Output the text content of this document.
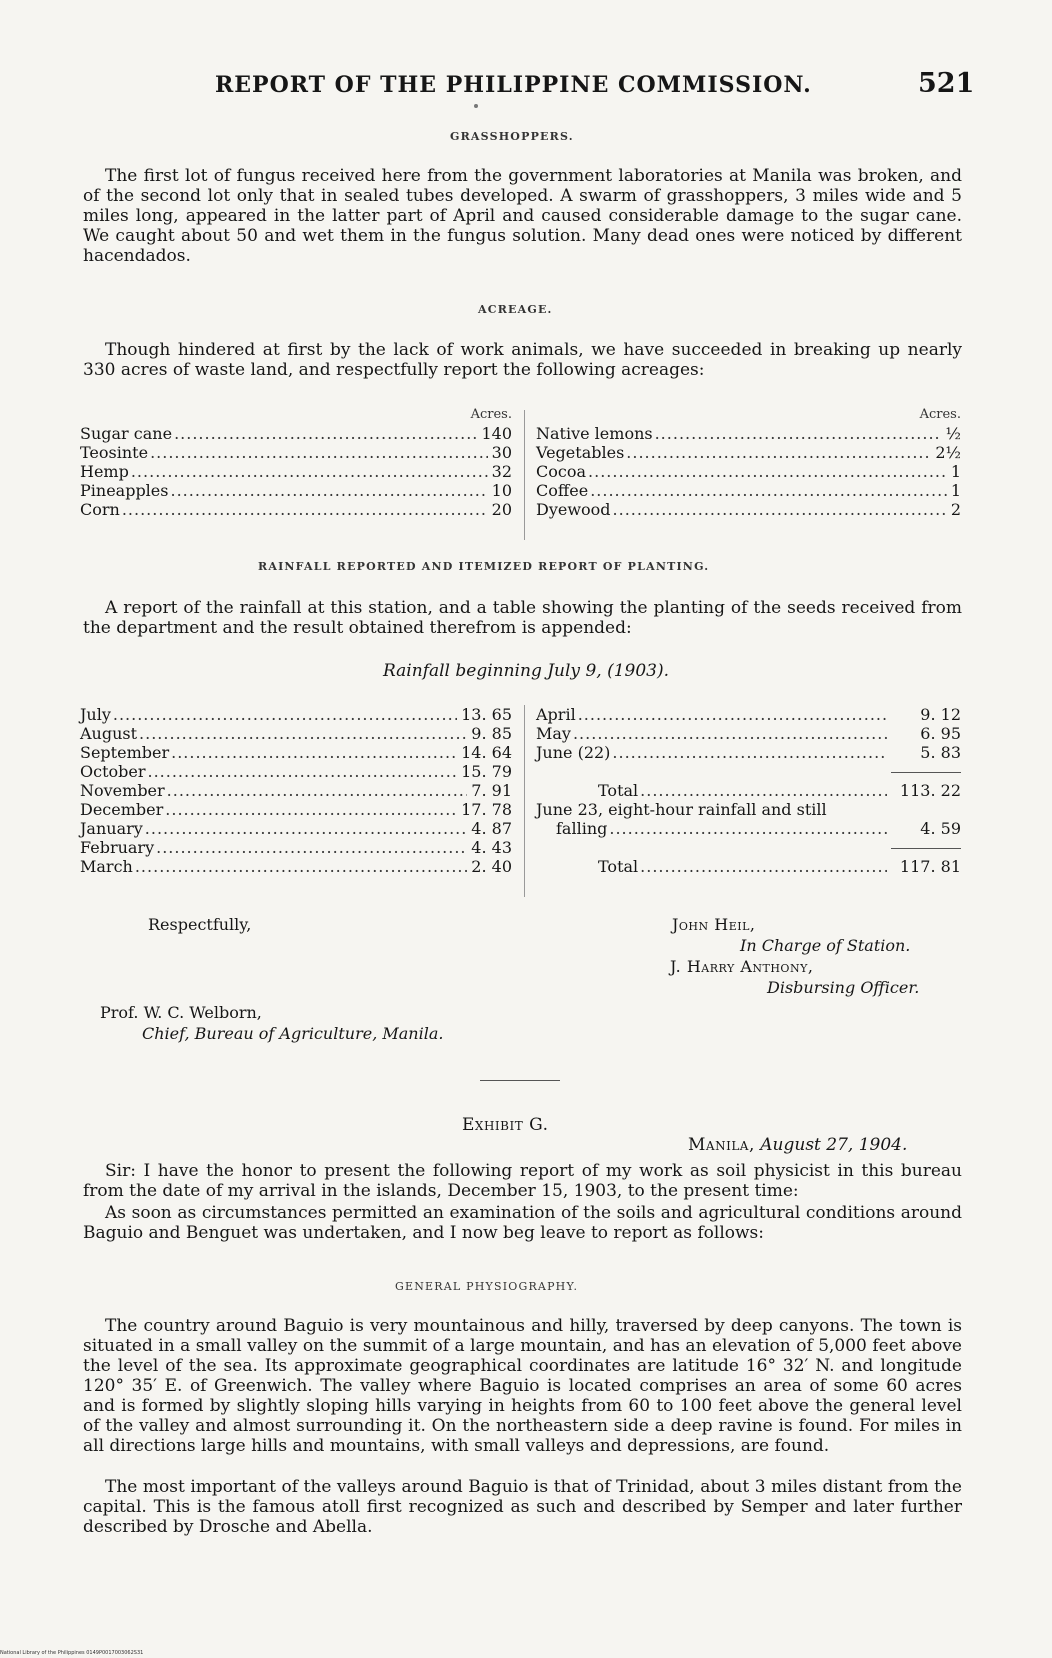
REPORT OF THE PHILIPPINE COMMISSION.	521
GRASSHOPPERS.

The first lot of fungus received here from the government laboratories at Manila was broken, and of the second lot only that in sealed tubes developed. A swarm of grasshoppers, 3 miles wide and 5 miles long, appeared in the latter part of April and caused considerable damage to the sugar cane. We caught about 50 and wet them in the fungus solution. Many dead ones were noticed by different hacendados.

ACREAGE.

Though hindered at first by the lack of work animals, we have succeeded in breaking up nearly 330 acres of waste land, and respectfully report the following acreages:

Acres.
Sugar cane .....	140
Teosinte .....	30
Hemp .....	32
Pineapples .....	10
Corn .....	20
Acres.
Native lemons .....	½
Vegetables .....	2½
Cocoa .....	1
Coffee .....	1
Dyewood .....	2
RAINFALL REPORTED AND ITEMIZED REPORT OF PLANTING.

A report of the rainfall at this station, and a table showing the planting of the seeds received from the department and the result obtained therefrom is appended:

Rainfall beginning July 9, (1903).
July .....	13. 65
August .....	9. 85
September .....	14. 64
October .....	15. 79
November .....	7. 91
December .....	17. 78
January .....	4. 87
February .....	4. 43
March .....	2. 40
April .....	9. 12
May .....	6. 95
June (22) .....	5. 83
Total .....	113. 22
June 23, eight-hour rainfall and still
falling .....	4. 59
Total .....	117. 81
Respectfully,	John Heil,
In Charge of Station.
J. Harry Anthony,
Disbursing Officer.
Prof. W. C. Welborn,
Chief, Bureau of Agriculture, Manila.
Exhibit G.
Manila, August 27, 1904.

Sir: I have the honor to present the following report of my work as soil physicist in this bureau from the date of my arrival in the islands, December 15, 1903, to the present time:

As soon as circumstances permitted an examination of the soils and agricultural conditions around Baguio and Benguet was undertaken, and I now beg leave to report as follows:

GENERAL PHYSIOGRAPHY.

The country around Baguio is very mountainous and hilly, traversed by deep canyons. The town is situated in a small valley on the summit of a large mountain, and has an elevation of 5,000 feet above the level of the sea. Its approximate geographical coordinates are latitude 16° 32′ N. and longitude 120° 35′ E. of Greenwich. The valley where Baguio is located comprises an area of some 60 acres and is formed by slightly sloping hills varying in heights from 60 to 100 feet above the general level of the valley and almost surrounding it. On the northeastern side a deep ravine is found. For miles in all directions large hills and mountains, with small valleys and depressions, are found.

The most important of the valleys around Baguio is that of Trinidad, about 3 miles distant from the capital. This is the famous atoll first recognized as such and described by Semper and later further described by Drosche and Abella.

National Library of the Philippines 0149P0017003062S31
